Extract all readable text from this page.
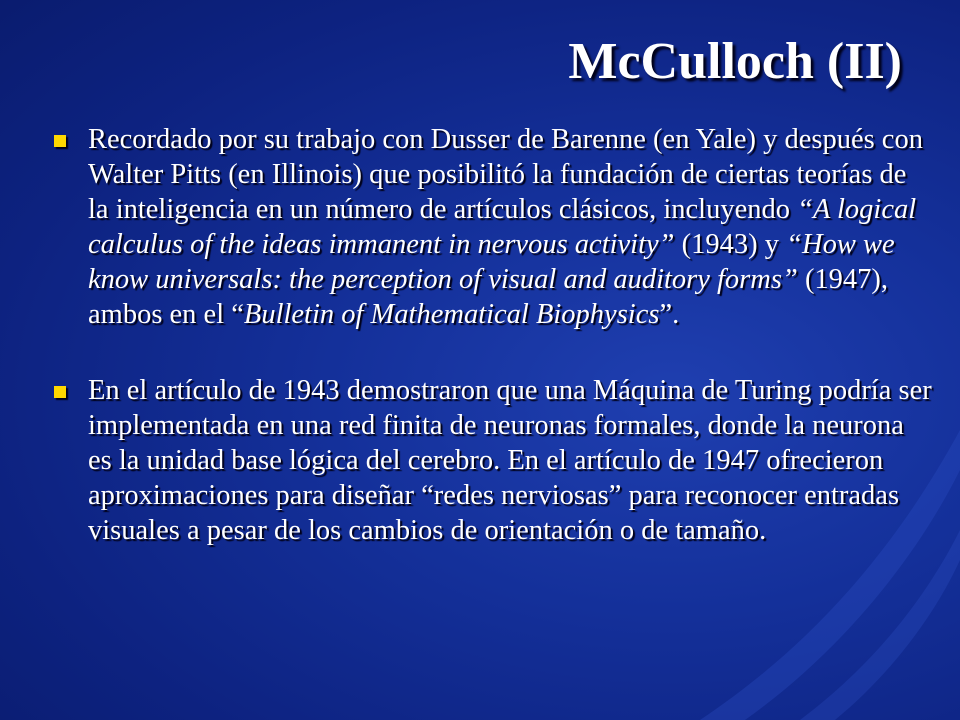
McCulloch (II)
Recordado por su trabajo con Dusser de Barenne (en Yale) y después con Walter Pitts (en Illinois) que posibilitó la fundación de ciertas teorías de la inteligencia en un número de artículos clásicos, incluyendo “A logical calculus of the ideas immanent in nervous activity” (1943) y “How we know universals: the perception of visual and auditory forms” (1947), ambos en el “Bulletin of Mathematical Biophysics”.
En el artículo de 1943 demostraron que una Máquina de Turing podría ser implementada en una red finita de neuronas formales, donde la neurona es la unidad base lógica del cerebro. En el artículo de 1947 ofrecieron aproximaciones para diseñar “redes nerviosas” para reconocer entradas visuales a pesar de los cambios de orientación o de tamaño.
